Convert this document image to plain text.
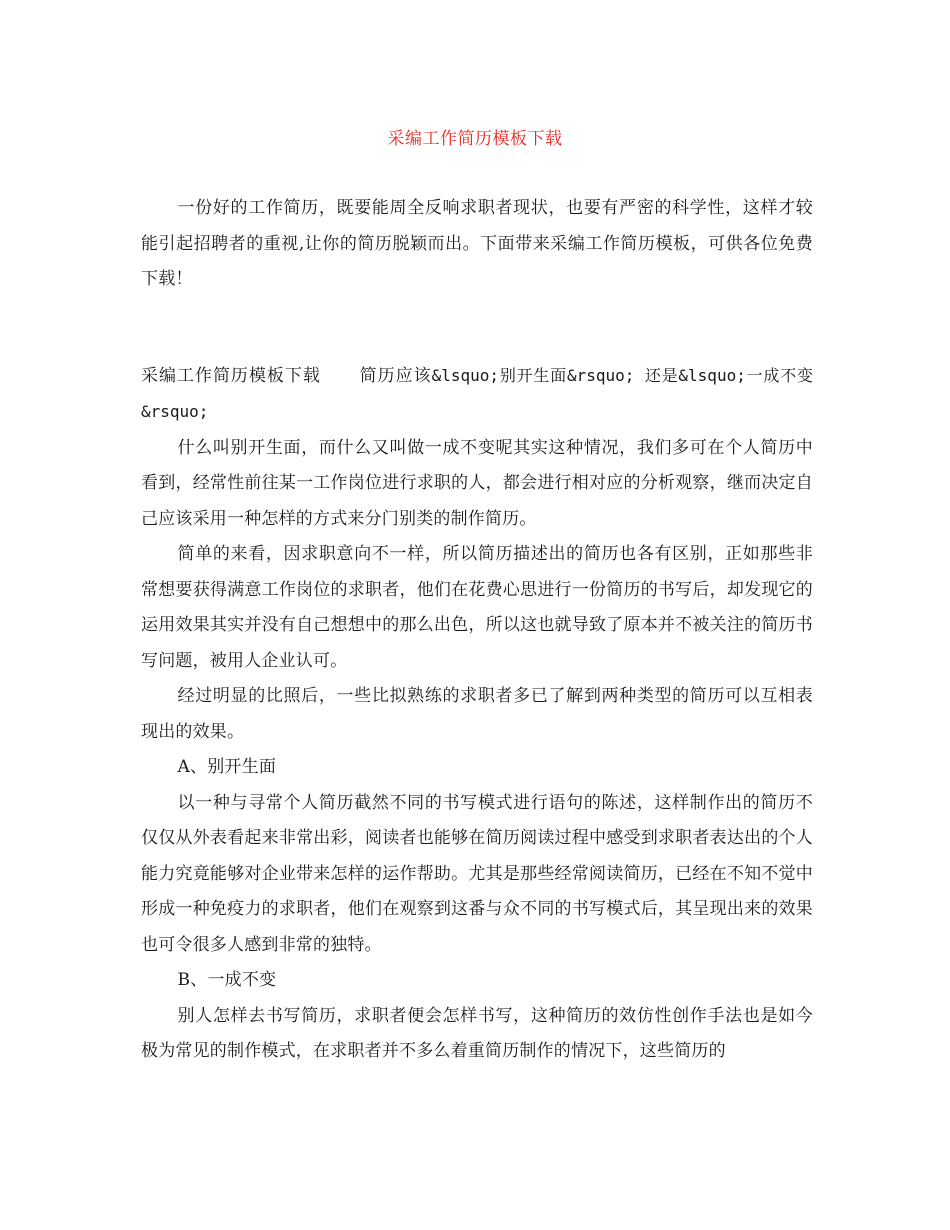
采编工作简历模板下载

一份好的工作简历，既要能周全反响求职者现状，也要有严密的科学性，这样才较能引起招聘者的重视,让你的简历脱颖而出。下面带来采编工作简历模板，可供各位免费下载！

采编工作简历模板下载 简历应该&lsquo;别开生面&rsquo; 还是&lsquo;一成不变&rsquo;

什么叫别开生面，而什么又叫做一成不变呢其实这种情况，我们多可在个人简历中看到，经常性前往某一工作岗位进行求职的人，都会进行相对应的分析观察，继而决定自己应该采用一种怎样的方式来分门别类的制作简历。

简单的来看，因求职意向不一样，所以简历描述出的简历也各有区别，正如那些非常想要获得满意工作岗位的求职者，他们在花费心思进行一份简历的书写后，却发现它的运用效果其实并没有自己想想中的那么出色，所以这也就导致了原本并不被关注的简历书写问题，被用人企业认可。

经过明显的比照后，一些比拟熟练的求职者多已了解到两种类型的简历可以互相表现出的效果。

A、别开生面

以一种与寻常个人简历截然不同的书写模式进行语句的陈述，这样制作出的简历不仅仅从外表看起来非常出彩，阅读者也能够在简历阅读过程中感受到求职者表达出的个人能力究竟能够对企业带来怎样的运作帮助。尤其是那些经常阅读简历，已经在不知不觉中形成一种免疫力的求职者，他们在观察到这番与众不同的书写模式后，其呈现出来的效果也可令很多人感到非常的独特。

B、一成不变

别人怎样去书写简历，求职者便会怎样书写，这种简历的效仿性创作手法也是如今极为常见的制作模式，在求职者并不多么着重简历制作的情况下，这些简历的
